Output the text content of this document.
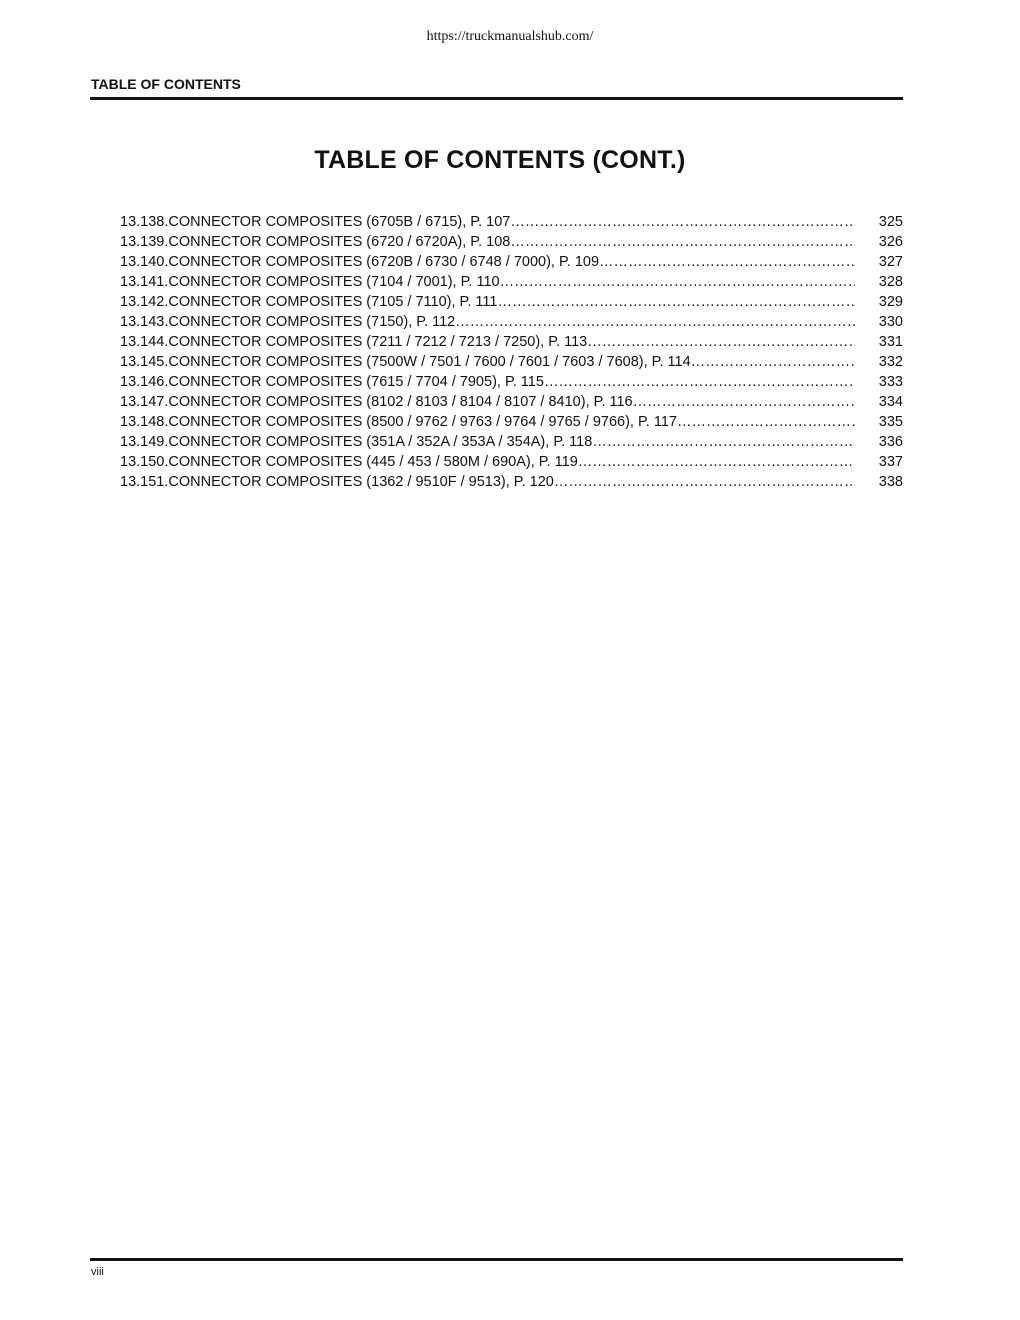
https://truckmanualshub.com/
TABLE OF CONTENTS
TABLE OF CONTENTS (CONT.)
13.138.CONNECTOR COMPOSITES (6705B / 6715), P. 107 ……………………………………………………………………………………………………………………………………………………	325
13.139.CONNECTOR COMPOSITES (6720 / 6720A), P. 108 ……………………………………………………………………………………………………………………………………………………	326
13.140.CONNECTOR COMPOSITES (6720B / 6730 / 6748 / 7000), P. 109 ……………………………………………………………………………………………………………………………………………………	327
13.141.CONNECTOR COMPOSITES (7104 / 7001), P. 110 ……………………………………………………………………………………………………………………………………………………	328
13.142.CONNECTOR COMPOSITES (7105 / 7110), P. 111 ……………………………………………………………………………………………………………………………………………………	329
13.143.CONNECTOR COMPOSITES (7150), P. 112 ……………………………………………………………………………………………………………………………………………………	330
13.144.CONNECTOR COMPOSITES (7211 / 7212 / 7213 / 7250), P. 113 ……………………………………………………………………………………………………………………………………………………	331
13.145.CONNECTOR COMPOSITES (7500W / 7501 / 7600 / 7601 / 7603 / 7608), P. 114 ……………………………………………………………………………………………………………………………………………………	332
13.146.CONNECTOR COMPOSITES (7615 / 7704 / 7905), P. 115 ……………………………………………………………………………………………………………………………………………………	333
13.147.CONNECTOR COMPOSITES (8102 / 8103 / 8104 / 8107 / 8410), P. 116 ……………………………………………………………………………………………………………………………………………………	334
13.148.CONNECTOR COMPOSITES (8500 / 9762 / 9763 / 9764 / 9765 / 9766), P. 117 ……………………………………………………………………………………………………………………………………………………	335
13.149.CONNECTOR COMPOSITES (351A / 352A / 353A / 354A), P. 118 ……………………………………………………………………………………………………………………………………………………	336
13.150.CONNECTOR COMPOSITES (445 / 453 / 580M / 690A), P. 119 ……………………………………………………………………………………………………………………………………………………	337
13.151.CONNECTOR COMPOSITES (1362 / 9510F / 9513), P. 120 ……………………………………………………………………………………………………………………………………………………	338
viii
